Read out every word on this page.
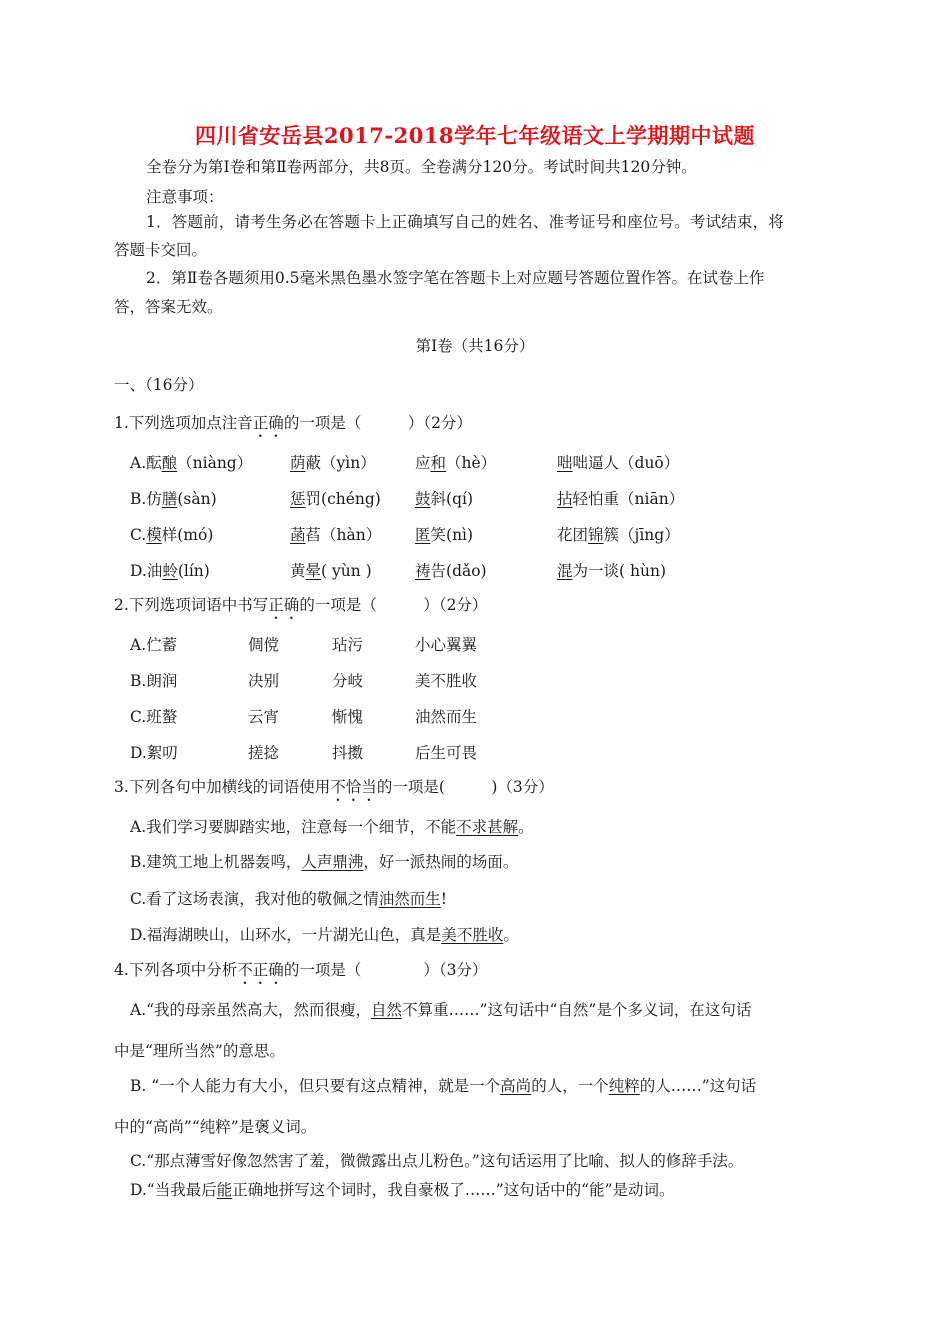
四川省安岳县2017-2018学年七年级语文上学期期中试题
全卷分为第Ⅰ卷和第Ⅱ卷两部分，共8页。全卷满分120分。考试时间共120分钟。
注意事项：
1．答题前，请考生务必在答题卡上正确填写自己的姓名、准考证号和座位号。考试结束，将
答题卡交回。
2．第Ⅱ卷各题须用0.5毫米黑色墨水签字笔在答题卡上对应题号答题位置作答。在试卷上作
答，答案无效。
第Ⅰ卷（共16分）
一、（16分）
1.下列选项加点注音正确的一项是（　　　）（2分）
A.酝酿（niàng） 荫蔽（yìn）	应和（hè）	咄咄逼人（duō）
B.仿膳(sàn)	惩罚(chéng) 鼓斜(qí)	拈轻怕重（niān）
C.模样(mó)	菡萏（hàn） 匿笑(nì)	花团锦簇（jīng）
D.油蛉(lín)	黄晕( yùn )	祷告(dǎo)	混为一谈( hùn)
2.下列选项词语中书写正确的一项是（　　　）（2分）
A.伫蓄	倜傥	玷污	小心翼翼
B.朗润	决别	分岐	美不胜收
C.班螯	云宵	惭愧	油然而生
D.絮叨	搓捻	抖擞	后生可畏
3.下列各句中加横线的词语使用不恰当的一项是(　　　)（3分）
A.我们学习要脚踏实地，注意每一个细节，不能不求甚解。
B.建筑工地上机器轰鸣，人声鼎沸，好一派热闹的场面。
C.看了这场表演，我对他的敬佩之情油然而生!
D.福海湖映山，山环水，一片湖光山色，真是美不胜收。
4.下列各项中分析不正确的一项是（　　　　）（3分）
A.“我的母亲虽然高大，然而很瘦，自然不算重……”这句话中“自然”是个多义词，在这句话
中是“理所当然”的意思。
B. “一个人能力有大小，但只要有这点精神，就是一个高尚的人，一个纯粹的人……”这句话
中的“高尚”“纯粹”是褒义词。
C.“那点薄雪好像忽然害了羞，微微露出点儿粉色。”这句话运用了比喻、拟人的修辞手法。
D.“当我最后能正确地拼写这个词时，我自豪极了……”这句话中的“能”是动词。
